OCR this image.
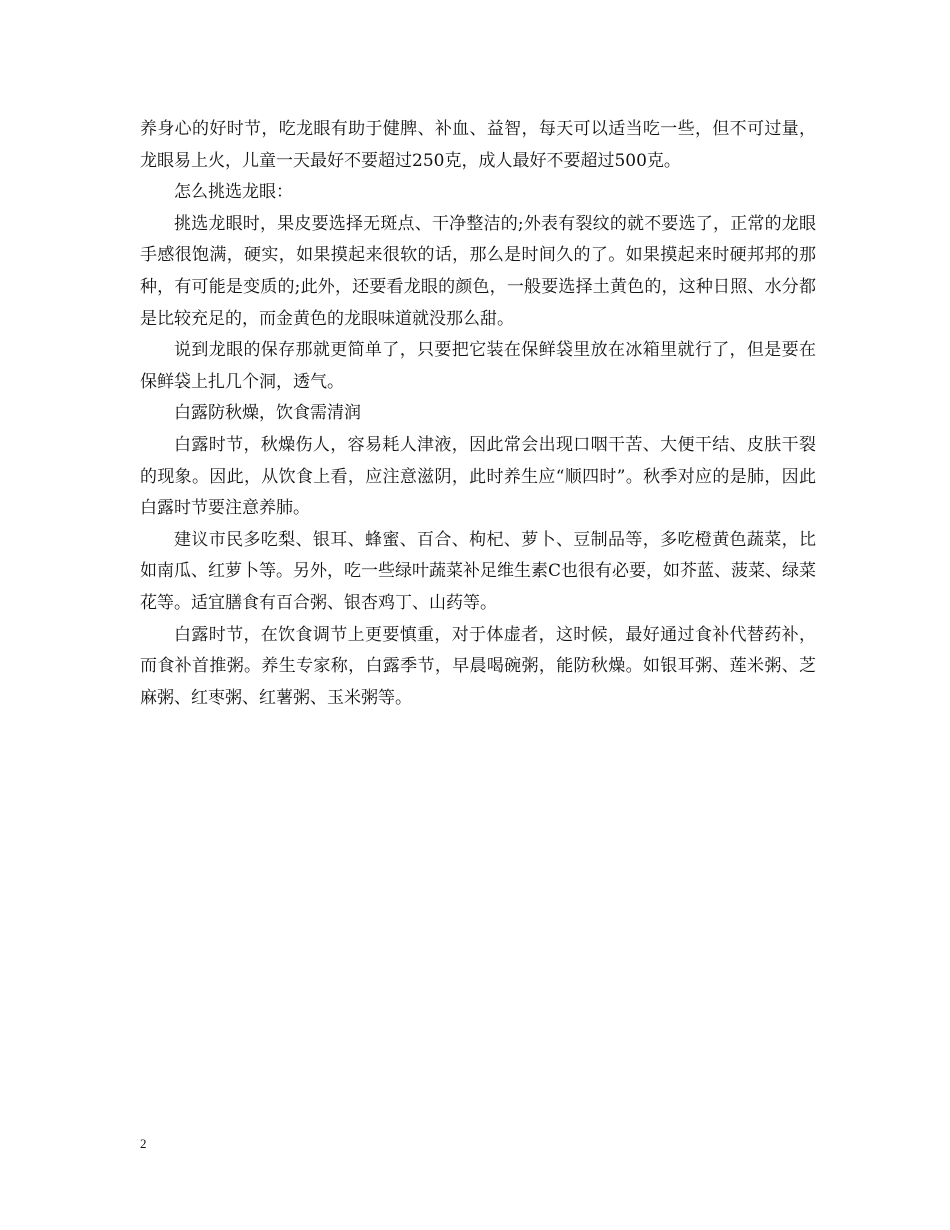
养身心的好时节，吃龙眼有助于健脾、补血、益智，每天可以适当吃一些，但不可过量，龙眼易上火，儿童一天最好不要超过250克，成人最好不要超过500克。

怎么挑选龙眼：

挑选龙眼时，果皮要选择无斑点、干净整洁的;外表有裂纹的就不要选了，正常的龙眼手感很饱满，硬实，如果摸起来很软的话，那么是时间久的了。如果摸起来时硬邦邦的那种，有可能是变质的;此外，还要看龙眼的颜色，一般要选择土黄色的，这种日照、水分都是比较充足的，而金黄色的龙眼味道就没那么甜。

说到龙眼的保存那就更简单了，只要把它装在保鲜袋里放在冰箱里就行了，但是要在保鲜袋上扎几个洞，透气。

白露防秋燥，饮食需清润

白露时节，秋燥伤人，容易耗人津液，因此常会出现口咽干苦、大便干结、皮肤干裂的现象。因此，从饮食上看，应注意滋阴，此时养生应“顺四时”。秋季对应的是肺，因此白露时节要注意养肺。

建议市民多吃梨、银耳、蜂蜜、百合、枸杞、萝卜、豆制品等，多吃橙黄色蔬菜，比如南瓜、红萝卜等。另外，吃一些绿叶蔬菜补足维生素C也很有必要，如芥蓝、菠菜、绿菜花等。适宜膳食有百合粥、银杏鸡丁、山药等。

白露时节，在饮食调节上更要慎重，对于体虚者，这时候，最好通过食补代替药补，而食补首推粥。养生专家称，白露季节，早晨喝碗粥，能防秋燥。如银耳粥、莲米粥、芝麻粥、红枣粥、红薯粥、玉米粥等。

2
